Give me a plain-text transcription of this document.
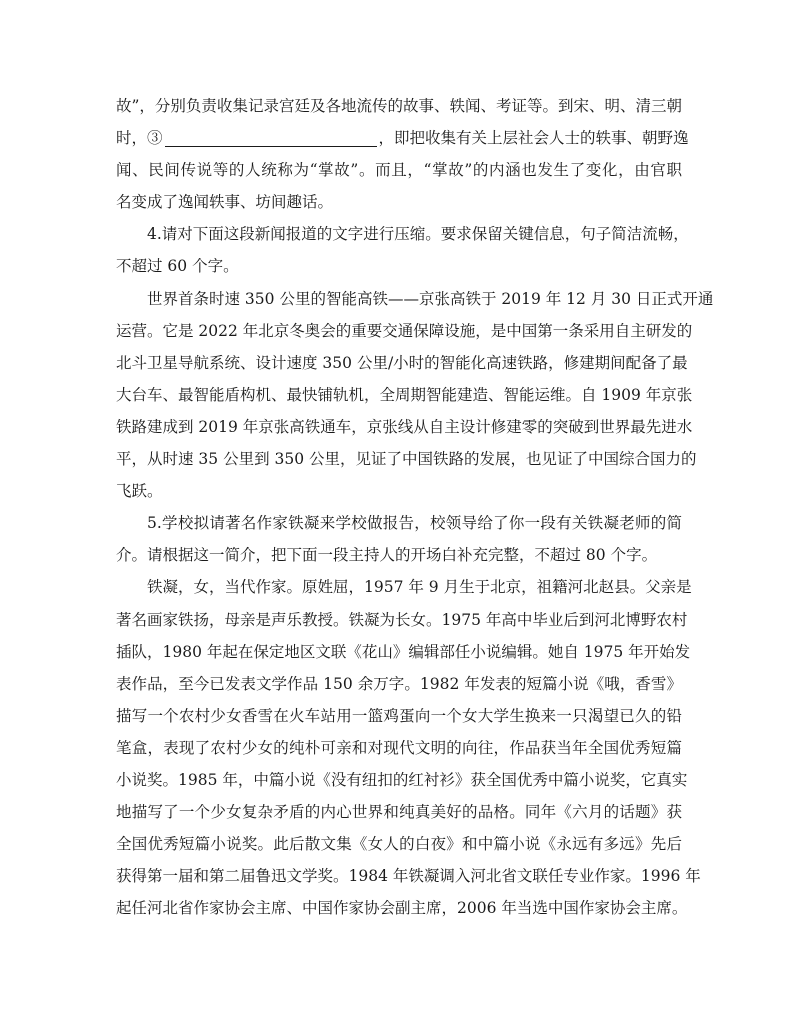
故”，分别负责收集记录宫廷及各地流传的故事、轶闻、考证等。到宋、明、清三朝
时，③	，即把收集有关上层社会人士的轶事、朝野逸
闻、民间传说等的人统称为“掌故”。而且，“掌故”的内涵也发生了变化，由官职
名变成了逸闻轶事、坊间趣话。
4.请对下面这段新闻报道的文字进行压缩。要求保留关键信息，句子简洁流畅，
不超过 60 个字。
世界首条时速 350 公里的智能高铁——京张高铁于 2019 年 12 月 30 日正式开通
运营。它是 2022 年北京冬奥会的重要交通保障设施，是中国第一条采用自主研发的
北斗卫星导航系统、设计速度 350 公里/小时的智能化高速铁路，修建期间配备了最
大台车、最智能盾构机、最快铺轨机，全周期智能建造、智能运维。自 1909 年京张
铁路建成到 2019 年京张高铁通车，京张线从自主设计修建零的突破到世界最先进水
平，从时速 35 公里到 350 公里，见证了中国铁路的发展，也见证了中国综合国力的
飞跃。
5.学校拟请著名作家铁凝来学校做报告，校领导给了你一段有关铁凝老师的简
介。请根据这一简介，把下面一段主持人的开场白补充完整，不超过 80 个字。
铁凝，女，当代作家。原姓屈，1957 年 9 月生于北京，祖籍河北赵县。父亲是
著名画家铁扬，母亲是声乐教授。铁凝为长女。1975 年高中毕业后到河北博野农村
插队，1980 年起在保定地区文联《花山》编辑部任小说编辑。她自 1975 年开始发
表作品，至今已发表文学作品 150 余万字。1982 年发表的短篇小说《哦，香雪》
描写一个农村少女香雪在火车站用一篮鸡蛋向一个女大学生换来一只渴望已久的铅
笔盒，表现了农村少女的纯朴可亲和对现代文明的向往，作品获当年全国优秀短篇
小说奖。1985 年，中篇小说《没有纽扣的红衬衫》获全国优秀中篇小说奖，它真实
地描写了一个少女复杂矛盾的内心世界和纯真美好的品格。同年《六月的话题》获
全国优秀短篇小说奖。此后散文集《女人的白夜》和中篇小说《永远有多远》先后
获得第一届和第二届鲁迅文学奖。1984 年铁凝调入河北省文联任专业作家。1996 年
起任河北省作家协会主席、中国作家协会副主席，2006 年当选中国作家协会主席。
